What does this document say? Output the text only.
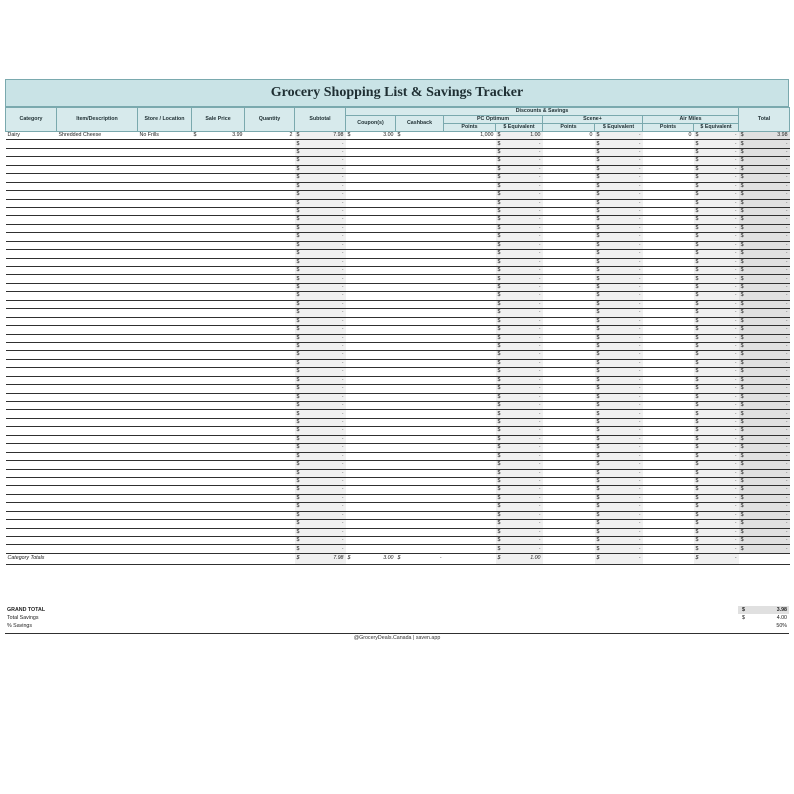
Grocery Shopping List & Savings Tracker
Category	Item/Description	Store / Location	Sale Price	Quantity	Subtotal	Discounts & Savings								Total
						Coupon(s)	Cashback	PC Optimum		Scene+		Air Miles		
								Points	$ Equivalent	Points	$ Equivalent	Points	$ Equivalent	
Dairy	Shredded Cheese	No Frills	$ 3.99	2	$ 7.98	$ 3.00	$	1,000	$ 1.00	0	$ -	0	$ -	$ 3.98

					$ -				$ -		$ -		$ -	$ -

					$ -				$ -		$ -		$ -	$ -

					$ -				$ -		$ -		$ -	$ -

					$ -				$ -		$ -		$ -	$ -

					$ -				$ -		$ -		$ -	$ -

					$ -				$ -		$ -		$ -	$ -

					$ -				$ -		$ -		$ -	$ -

					$ -				$ -		$ -		$ -	$ -

					$ -				$ -		$ -		$ -	$ -

					$ -				$ -		$ -		$ -	$ -

					$ -				$ -		$ -		$ -	$ -

					$ -				$ -		$ -		$ -	$ -

					$ -				$ -		$ -		$ -	$ -

					$ -				$ -		$ -		$ -	$ -

					$ -				$ -		$ -		$ -	$ -

					$ -				$ -		$ -		$ -	$ -

					$ -				$ -		$ -		$ -	$ -

					$ -				$ -		$ -		$ -	$ -

					$ -				$ -		$ -		$ -	$ -

					$ -				$ -		$ -		$ -	$ -

					$ -				$ -		$ -		$ -	$ -

					$ -				$ -		$ -		$ -	$ -

					$ -				$ -		$ -		$ -	$ -

					$ -				$ -		$ -		$ -	$ -

					$ -				$ -		$ -		$ -	$ -

					$ -				$ -		$ -		$ -	$ -

					$ -				$ -		$ -		$ -	$ -

					$ -				$ -		$ -		$ -	$ -

					$ -				$ -		$ -		$ -	$ -

					$ -				$ -		$ -		$ -	$ -

					$ -				$ -		$ -		$ -	$ -

					$ -				$ -		$ -		$ -	$ -

					$ -				$ -		$ -		$ -	$ -

					$ -				$ -		$ -		$ -	$ -

					$ -				$ -		$ -		$ -	$ -

					$ -				$ -		$ -		$ -	$ -

					$ -				$ -		$ -		$ -	$ -

					$ -				$ -		$ -		$ -	$ -

					$ -				$ -		$ -		$ -	$ -

					$ -				$ -		$ -		$ -	$ -

					$ -				$ -		$ -		$ -	$ -

					$ -				$ -		$ -		$ -	$ -

					$ -				$ -		$ -		$ -	$ -

					$ -				$ -		$ -		$ -	$ -

					$ -				$ -		$ -		$ -	$ -

					$ -				$ -		$ -		$ -	$ -

					$ -				$ -		$ -		$ -	$ -

					$ -				$ -		$ -		$ -	$ -

					$ -				$ -		$ -		$ -	$ -

Category Totals					$ 7.98	$ 3.00	$ -		$ 1.00		$ -		$ -	

GRAND TOTAL	$	3.98
Total Savings	$	4.00
% Savings	50%
@GroceryDeals.Canada | saven.app
